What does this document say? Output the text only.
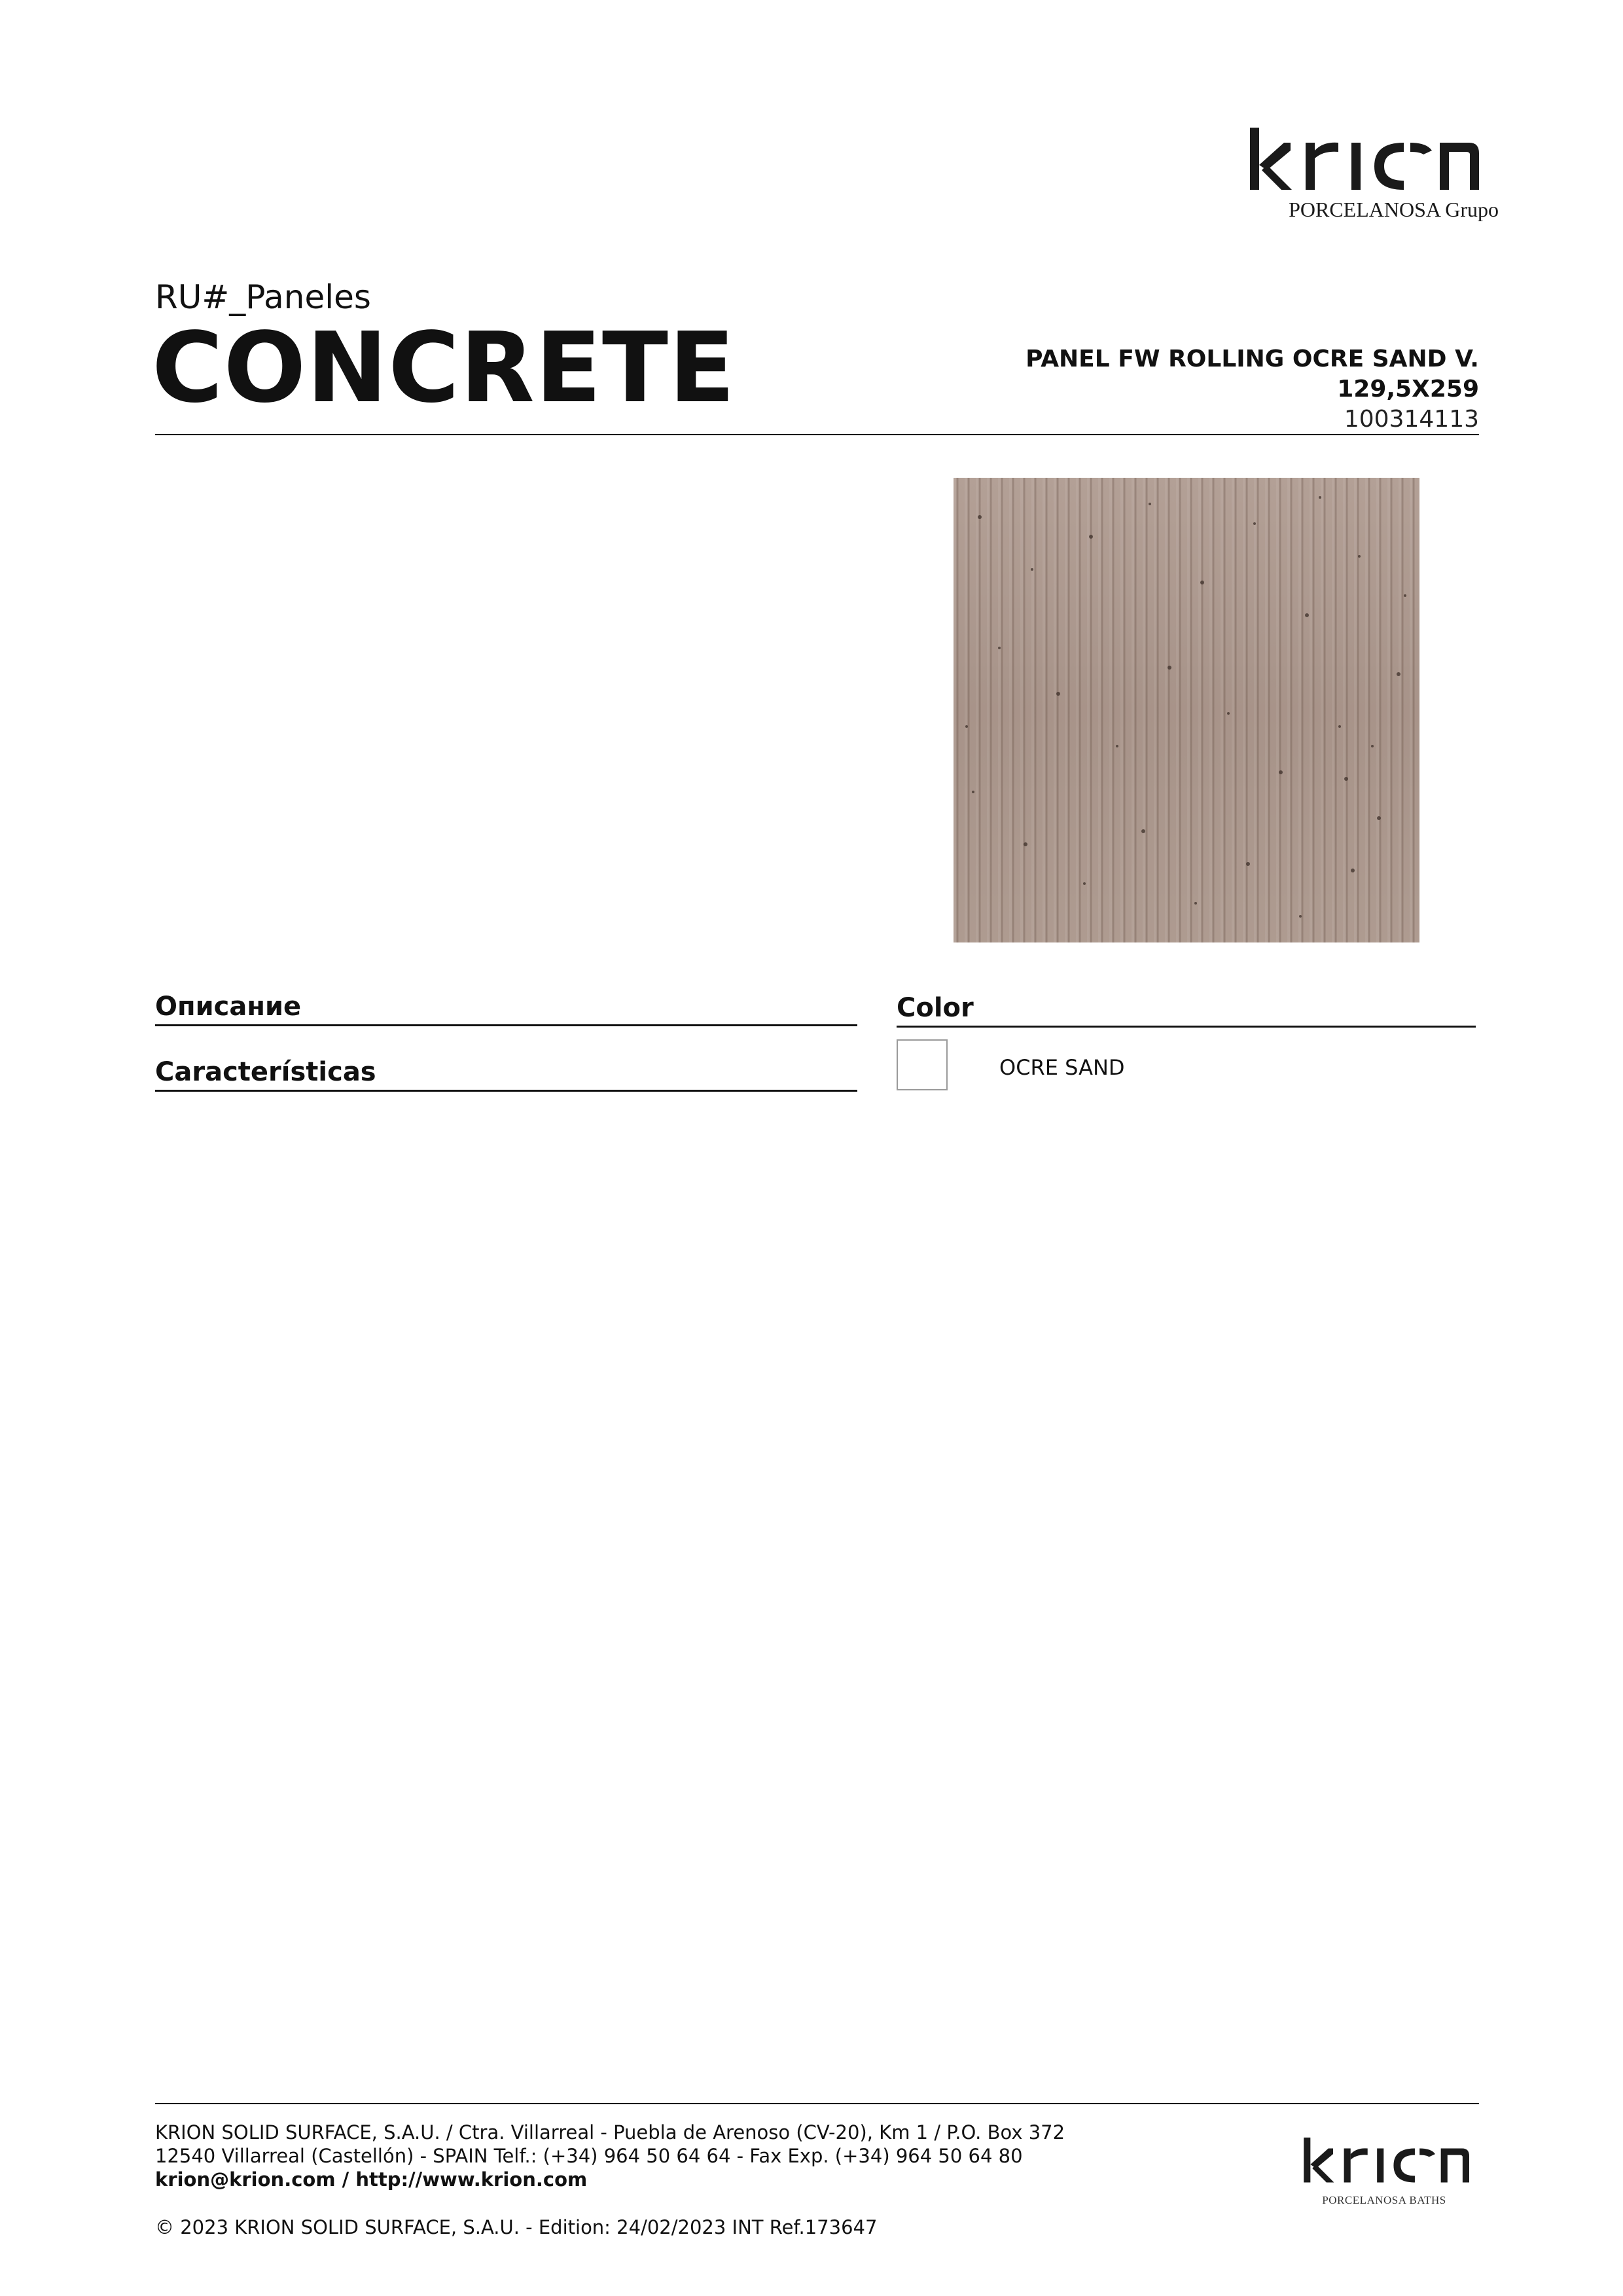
PORCELANOSA Grupo
RU#_Paneles
CONCRETE	PANEL FW ROLLING OCRE SAND V.
129,5X259
100314113
Описание
Características
Color
OCRE SAND
KRION SOLID SURFACE, S.A.U. / Ctra. Villarreal - Puebla de Arenoso (CV-20), Km 1 / P.O. Box 372
12540 Villarreal (Castellón) - SPAIN Telf.: (+34) 964 50 64 64 - Fax Exp. (+34) 964 50 64 80
krion@krion.com / http://www.krion.com
© 2023 KRION SOLID SURFACE, S.A.U. - Edition: 24/02/2023 INT Ref.173647
PORCELANOSA BATHS
